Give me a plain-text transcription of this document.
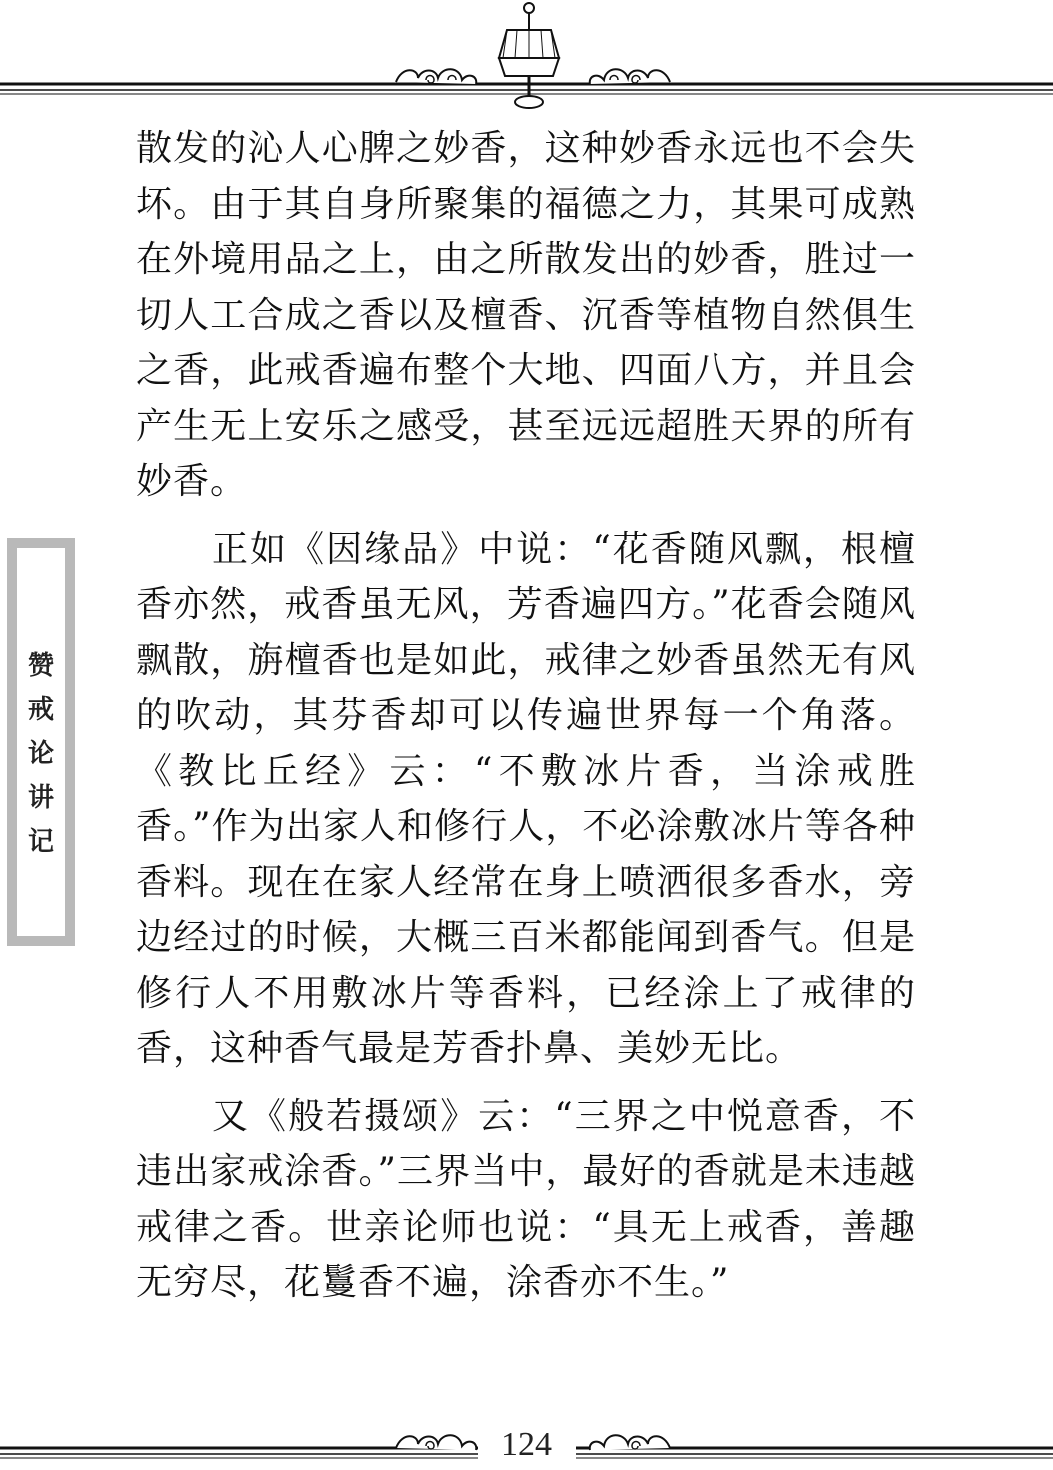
赞
戒
论
讲
记

散发的沁人心脾之妙香，这种妙香永远也不会失坏。由于其自身所聚集的福德之力，其果可成熟在外境用品之上，由之所散发出的妙香，胜过一切人工合成之香以及檀香、沉香等植物自然俱生之香，此戒香遍布整个大地、四面八方，并且会产生无上安乐之感受，甚至远远超胜天界的所有妙香。

正如《因缘品》中说：“花香随风飘，根檀香亦然，戒香虽无风，芳香遍四方。”花香会随风飘散，旃檀香也是如此，戒律之妙香虽然无有风的吹动，其芬香却可以传遍世界每一个角落。《教比丘经》云：“不敷冰片香，当涂戒胜香。”作为出家人和修行人，不必涂敷冰片等各种香料。现在在家人经常在身上喷洒很多香水，旁边经过的时候，大概三百米都能闻到香气。但是修行人不用敷冰片等香料，已经涂上了戒律的香，这种香气最是芳香扑鼻、美妙无比。

又《般若摄颂》云：“三界之中悦意香，不违出家戒涂香。”三界当中，最好的香就是未违越戒律之香。世亲论师也说：“具无上戒香，善趣无穷尽，花鬘香不遍，涂香亦不生。”

124
